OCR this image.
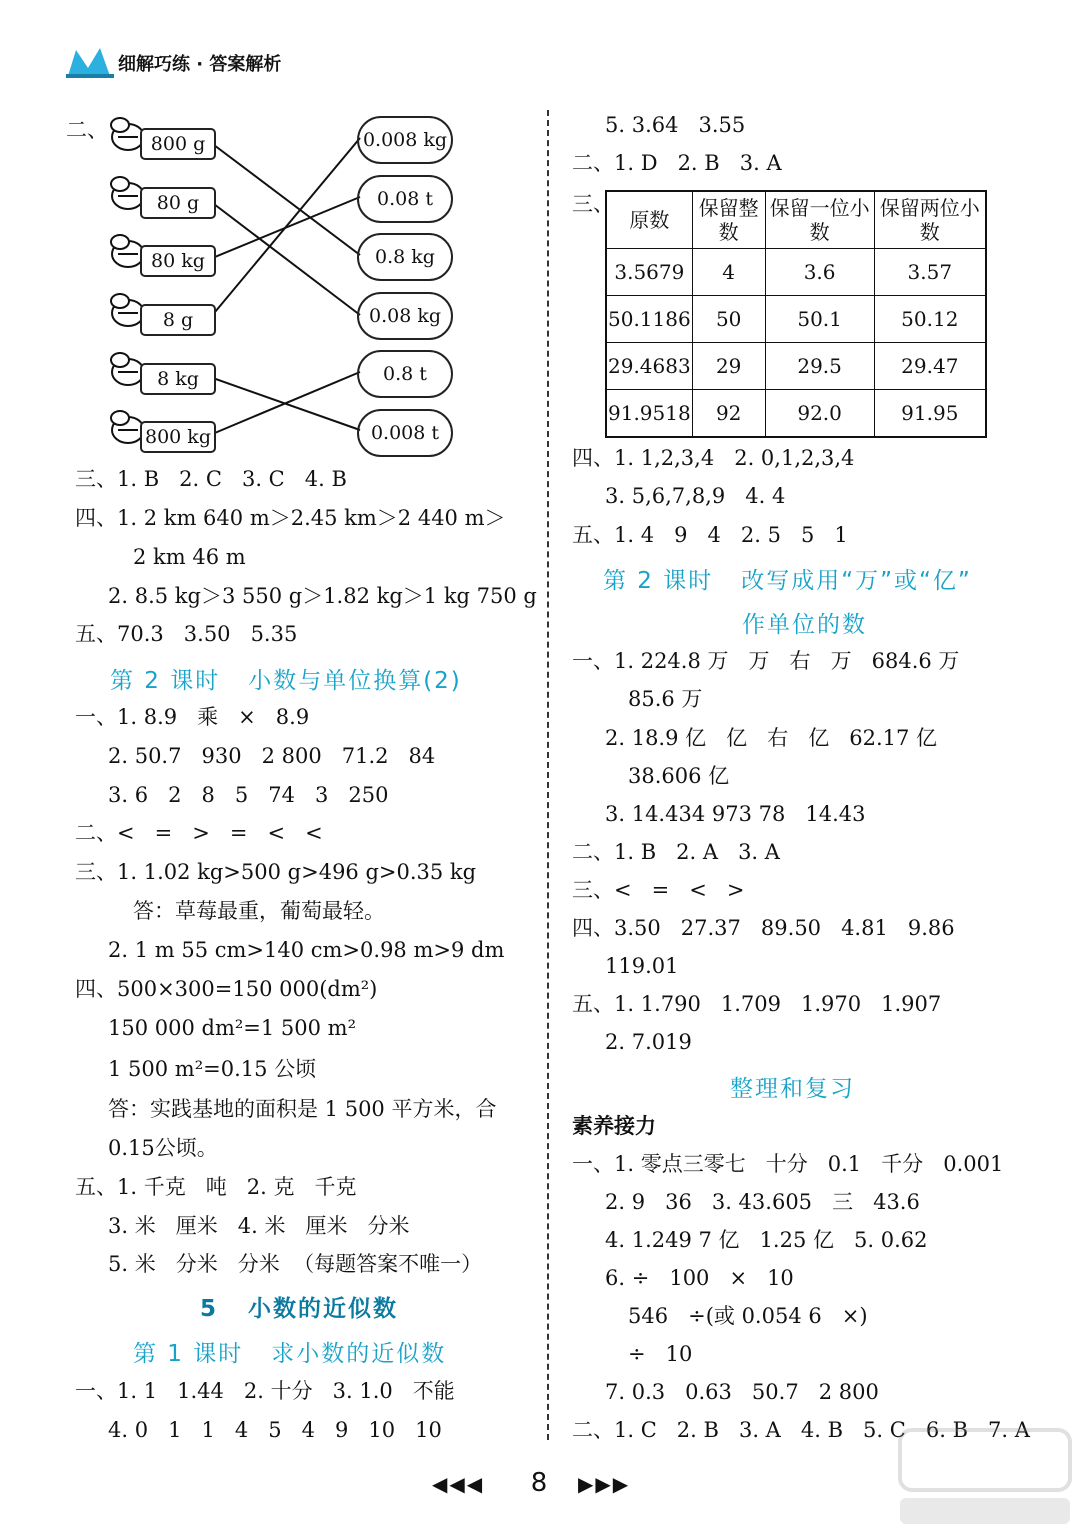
细解巧练 · 答案解析
二、
800 g
80 g
80 kg
8 g
8 kg
800 kg
0.008 kg
0.08 t
0.8 kg
0.08 kg
0.8 t
0.008 t
三、1. B   2. C   3. C   4. B
四、1. 2 km 640 m＞2.45 km＞2 440 m＞
2 km 46 m
2. 8.5 kg＞3 550 g＞1.82 kg＞1 kg 750 g
五、70.3   3.50   5.35
第 2 课时   小数与单位换算(2)
一、1. 8.9   乘   ×   8.9
2. 50.7   930   2 800   71.2   84
3. 6   2   8   5   74   3   250
二、<   =   >   =   <   <
三、1. 1.02 kg>500 g>496 g>0.35 kg
答：草莓最重，葡萄最轻。
2. 1 m 55 cm>140 cm>0.98 m>9 dm
四、500×300=150 000(dm²)
150 000 dm²=1 500 m²
1 500 m²=0.15 公顷
答：实践基地的面积是 1 500 平方米，合
0.15公顷。
五、1. 千克   吨   2. 克   千克
3. 米   厘米   4. 米   厘米   分米
5. 米   分米   分米  （每题答案不唯一）
5   小数的近似数
第 1 课时   求小数的近似数
一、1. 1   1.44   2. 十分   3. 1.0   不能
4. 0   1   1   4   5   4   9   10   10
5. 3.64   3.55
二、1. D   2. B   3. A
三、
原数	保留整数	保留一位小数	保留两位小数
3.5679	4	3.6	3.57
50.1186	50	50.1	50.12
29.4683	29	29.5	29.47
91.9518	92	92.0	91.95
四、1. 1,2,3,4   2. 0,1,2,3,4
3. 5,6,7,8,9   4. 4
五、1. 4   9   4   2. 5   5   1
第 2 课时   改写成用“万”或“亿”
作单位的数
一、1. 224.8 万   万   右   万   684.6 万
85.6 万
2. 18.9 亿   亿   右   亿   62.17 亿
38.606 亿
3. 14.434 973 78   14.43
二、1. B   2. A   3. A
三、<   =   <   >
四、3.50   27.37   89.50   4.81   9.86
119.01
五、1. 1.790   1.709   1.970   1.907
2. 7.019
整理和复习
素养接力
一、1. 零点三零七   十分   0.1   千分   0.001
2. 9   36   3. 43.605   三   43.6
4. 1.249 7 亿   1.25 亿   5. 0.62
6. ÷   100   ×   10
546   ÷(或 0.054 6   ×)
÷   10
7. 0.3   0.63   50.7   2 800
二、1. C   2. B   3. A   4. B   5. C   6. B   7. A
◀◀◀	8	▶▶▶
